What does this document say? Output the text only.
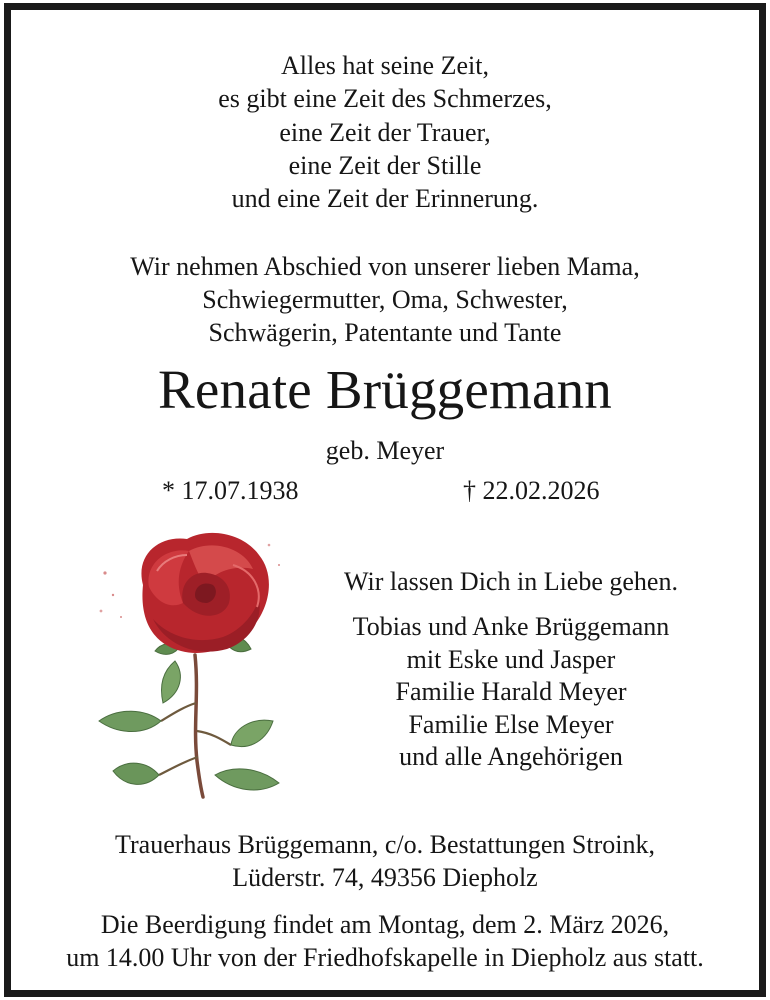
Alles hat seine Zeit,
es gibt eine Zeit des Schmerzes,
eine Zeit der Trauer,
eine Zeit der Stille
und eine Zeit der Erinnerung.
Wir nehmen Abschied von unserer lieben Mama,
Schwiegermutter, Oma, Schwester,
Schwägerin, Patentante und Tante
Renate Brüggemann
geb. Meyer
* 17.07.1938	† 22.02.2026
Wir lassen Dich in Liebe gehen.
Tobias und Anke Brüggemann
mit Eske und Jasper
Familie Harald Meyer
Familie Else Meyer
und alle Angehörigen
Trauerhaus Brüggemann, c/o. Bestattungen Stroink,
Lüderstr. 74, 49356 Diepholz
Die Beerdigung findet am Montag, dem 2. März 2026,
um 14.00 Uhr von der Friedhofskapelle in Diepholz aus statt.
